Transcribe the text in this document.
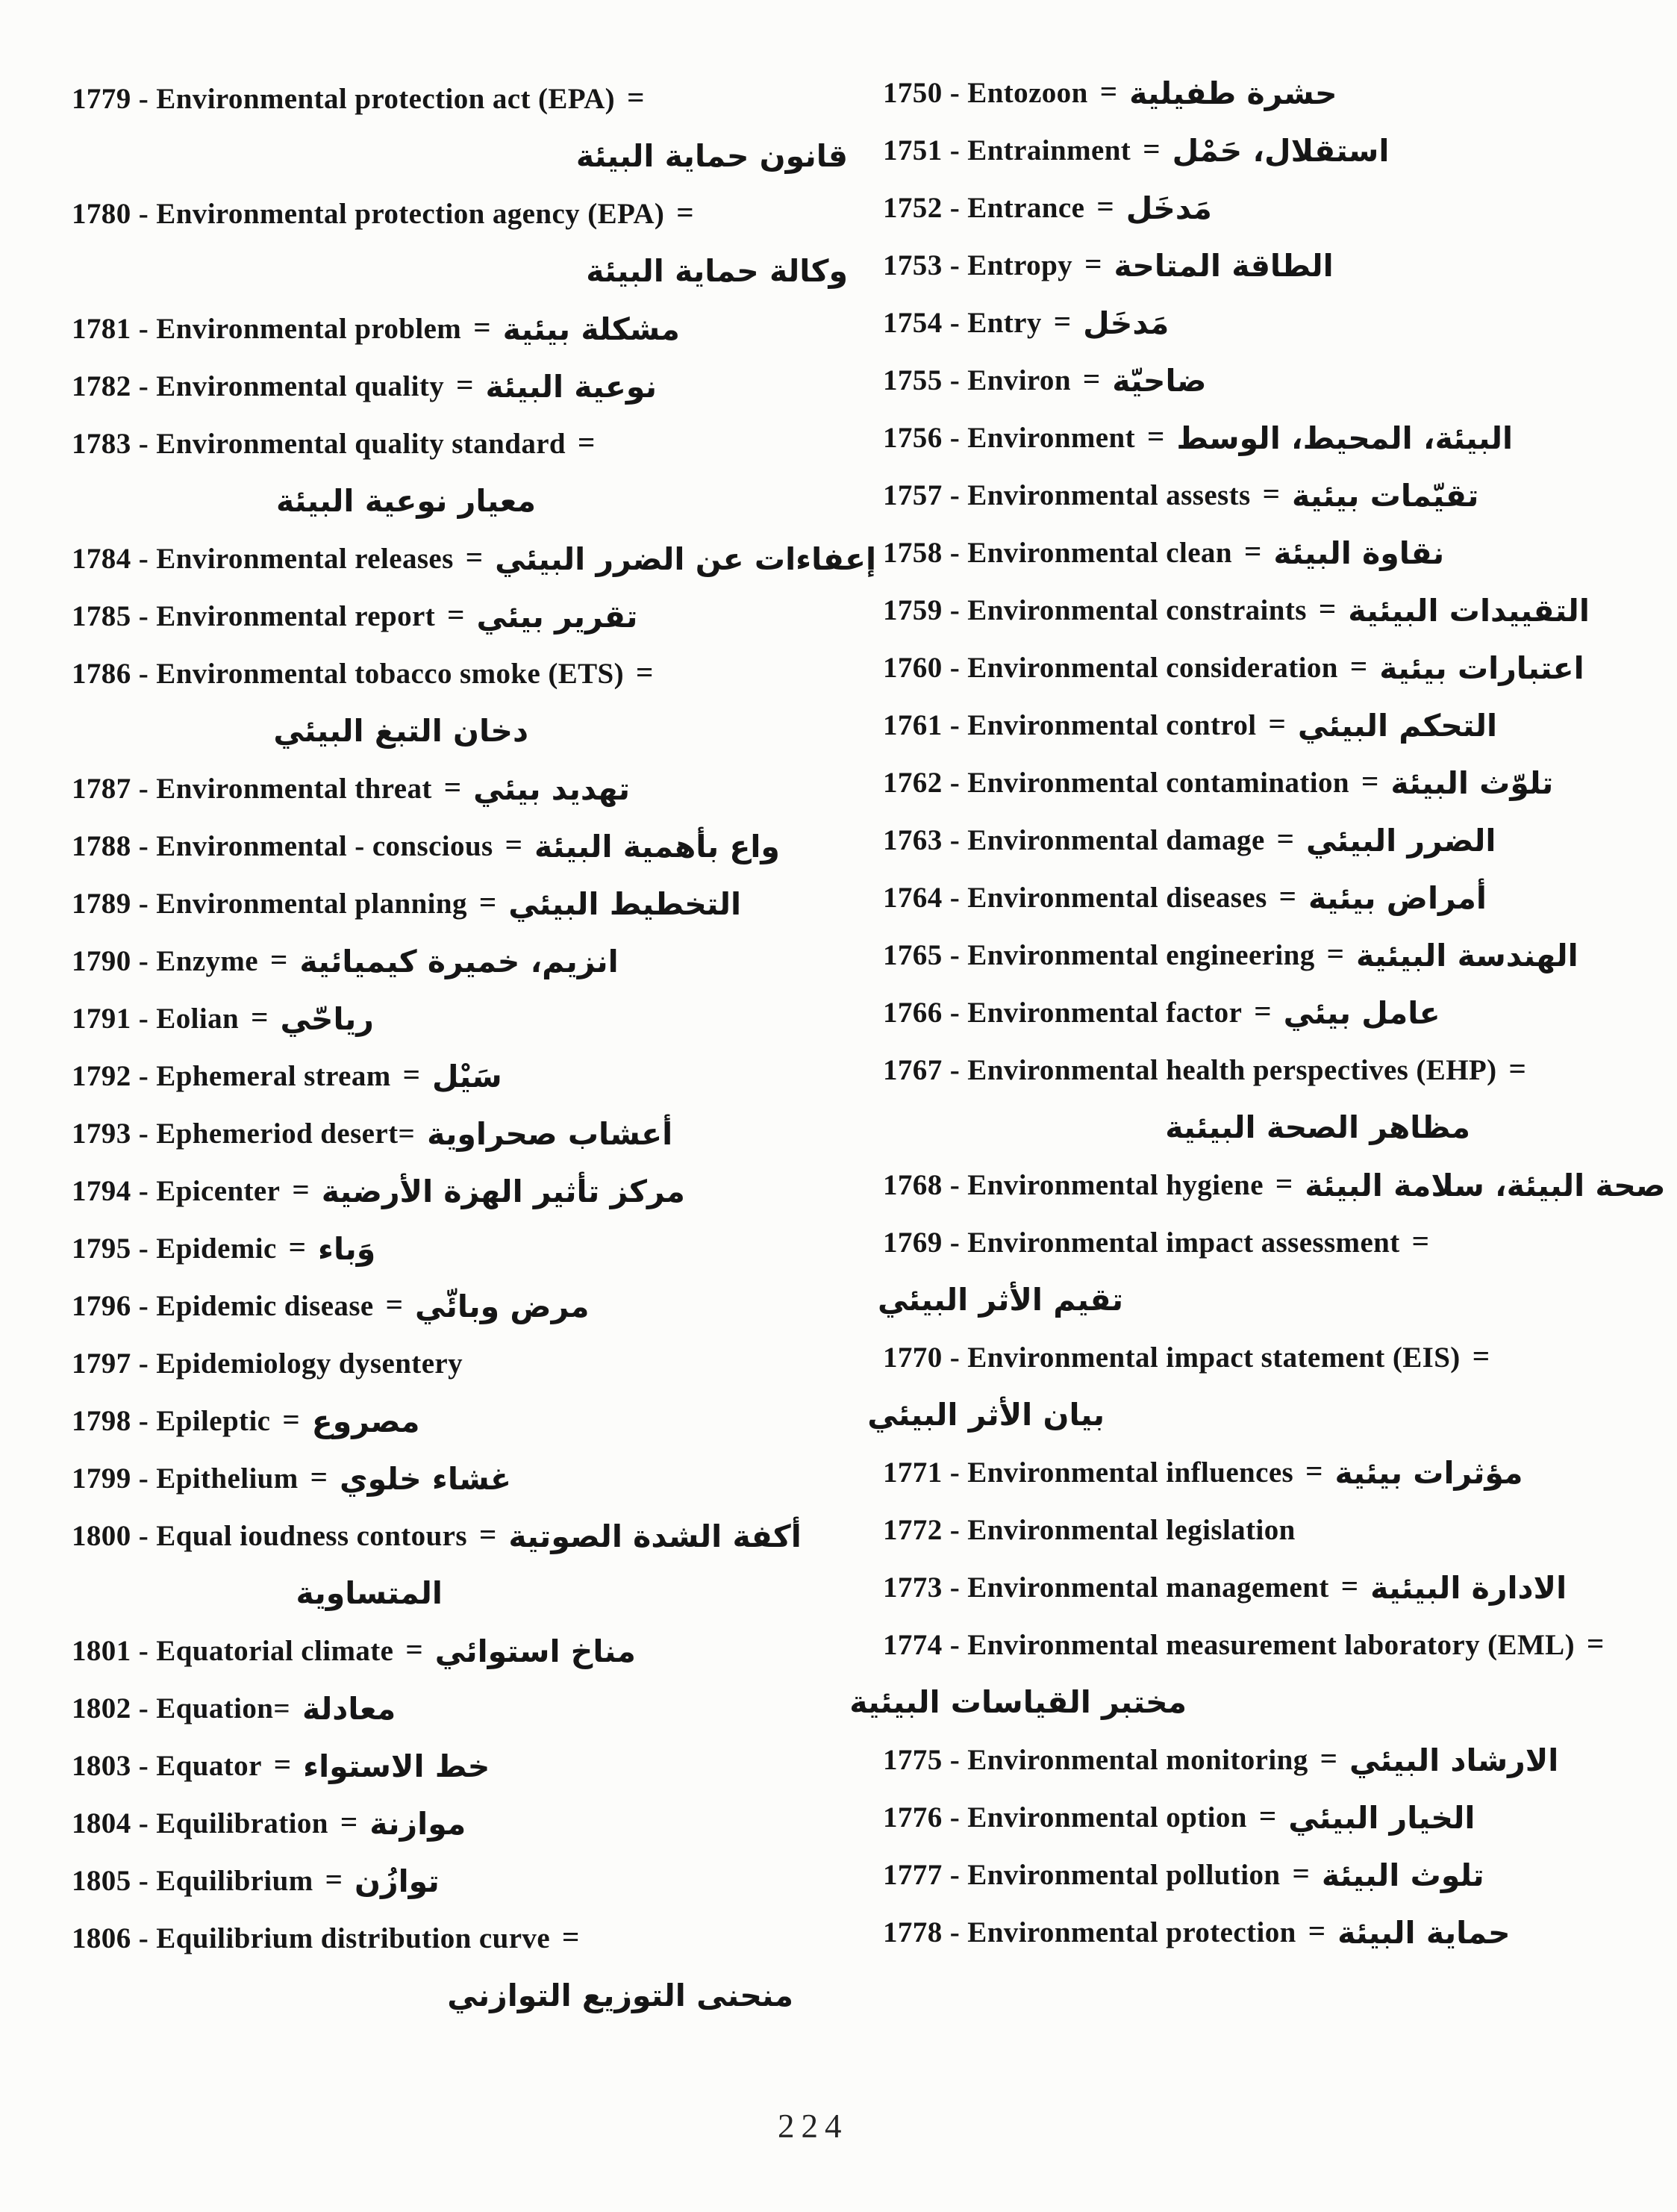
1779 - Environmental protection act (EPA) =
قانون حماية البيئة
1780 - Environmental protection agency (EPA) =
وكالة حماية البيئة
1781 - Environmental problem = مشكلة بيئية
1782 - Environmental quality = نوعية البيئة
1783 - Environmental quality standard =
معيار نوعية البيئة
1784 - Environmental releases = إعفاءات عن الضرر البيئي
1785 - Environmental report = تقرير بيئي
1786 - Environmental tobacco smoke (ETS) =
دخان التبغ البيئي
1787 - Environmental threat = تهديد بيئي
1788 - Environmental - conscious = واع بأهمية البيئة
1789 - Environmental planning = التخطيط البيئي
1790 - Enzyme = انزيم، خميرة كيميائية
1791 - Eolian = رياحّي
1792 - Ephemeral stream = سَيْل
1793 - Ephemeriod desert= أعشاب صحراوية
1794 - Epicenter = مركز تأثير الهزة الأرضية
1795 - Epidemic = وَباء
1796 - Epidemic disease = مرض وبائّي
1797 - Epidemiology dysentery
1798 - Epileptic = مصروع
1799 - Epithelium = غشاء خلوي
1800 - Equal ioudness contours = أكفة الشدة الصوتية
المتساوية
1801 - Equatorial climate = مناخ استوائي
1802 - Equation= معادلة
1803 - Equator = خط الاستواء
1804 - Equilibration = موازنة
1805 - Equilibrium = توازُن
1806 - Equilibrium distribution curve =
منحنى التوزيع التوازني
1750 - Entozoon = حشرة طفيلية
1751 - Entrainment = استقلال، حَمْل
1752 - Entrance = مَدخَل
1753 - Entropy = الطاقة المتاحة
1754 - Entry = مَدخَل
1755 - Environ = ضاحيّة
1756 - Environment = البيئة، المحيط، الوسط
1757 - Environmental assests = تقيّمات بيئية
1758 - Environmental clean = نقاوة البيئة
1759 - Environmental constraints = التقييدات البيئية
1760 - Environmental consideration = اعتبارات بيئية
1761 - Environmental control = التحكم البيئي
1762 - Environmental contamination = تلوّث البيئة
1763 - Environmental damage = الضرر البيئي
1764 - Environmental diseases = أمراض بيئية
1765 - Environmental engineering = الهندسة البيئية
1766 - Environmental factor = عامل بيئي
1767 - Environmental health perspectives (EHP) =
مظاهر الصحة البيئية
1768 - Environmental hygiene = صحة البيئة، سلامة البيئة
1769 - Environmental impact assessment =
تقيم الأثر البيئي
1770 - Environmental impact statement (EIS) =
بيان الأثر البيئي
1771 - Environmental influences = مؤثرات بيئية
1772 - Environmental legislation
1773 - Environmental management = الادارة البيئية
1774 - Environmental measurement laboratory (EML) =
مختبر القياسات البيئية
1775 - Environmental monitoring = الارشاد البيئي
1776 - Environmental option = الخيار البيئي
1777 - Environmental pollution = تلوث البيئة
1778 - Environmental protection = حماية البيئة
224
